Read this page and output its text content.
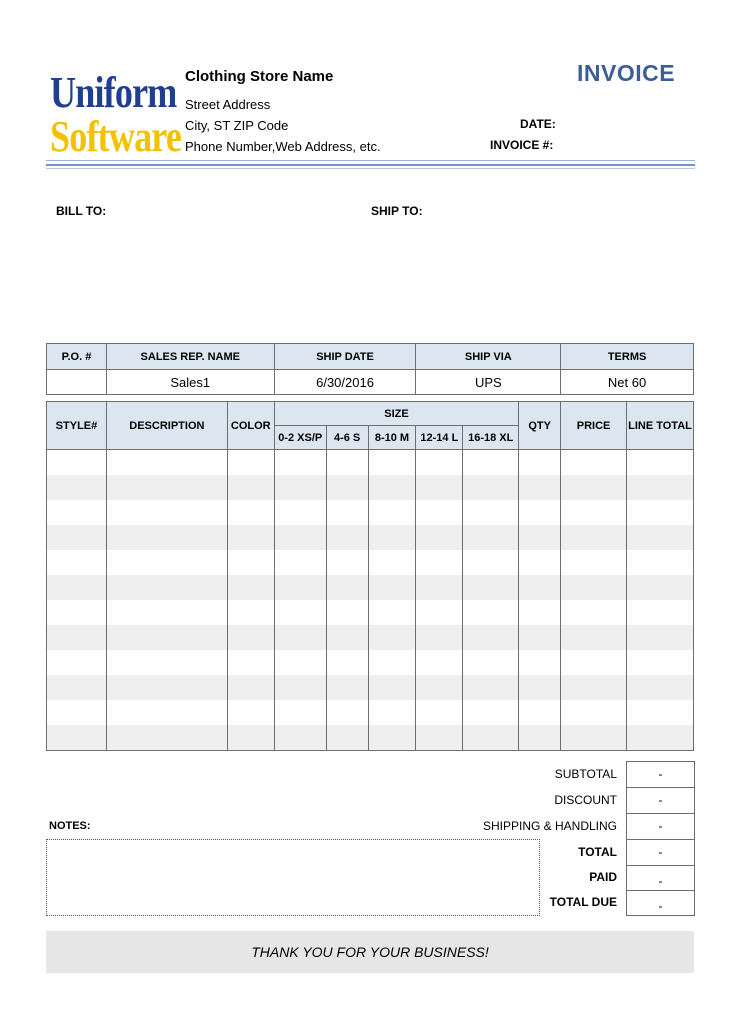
Uniform
Software
Clothing Store Name
Street Address
City, ST ZIP Code
Phone Number,Web Address, etc.
INVOICE
DATE:
INVOICE #:
BILL TO:	SHIP TO:
P.O. #	SALES REP. NAME	SHIP DATE	SHIP VIA	TERMS
	Sales1	6/30/2016	UPS	Net 60
STYLE#	DESCRIPTION	COLOR	SIZE					QTY	PRICE	LINE TOTAL
			0-2 XS/P	4-6 S	8-10 M	12-14 L	16-18 XL			

SUBTOTAL	-
DISCOUNT	-
NOTES:	SHIPPING & HANDLING	-
TOTAL	-
PAID	-
TOTAL DUE	-
THANK YOU FOR YOUR BUSINESS!
